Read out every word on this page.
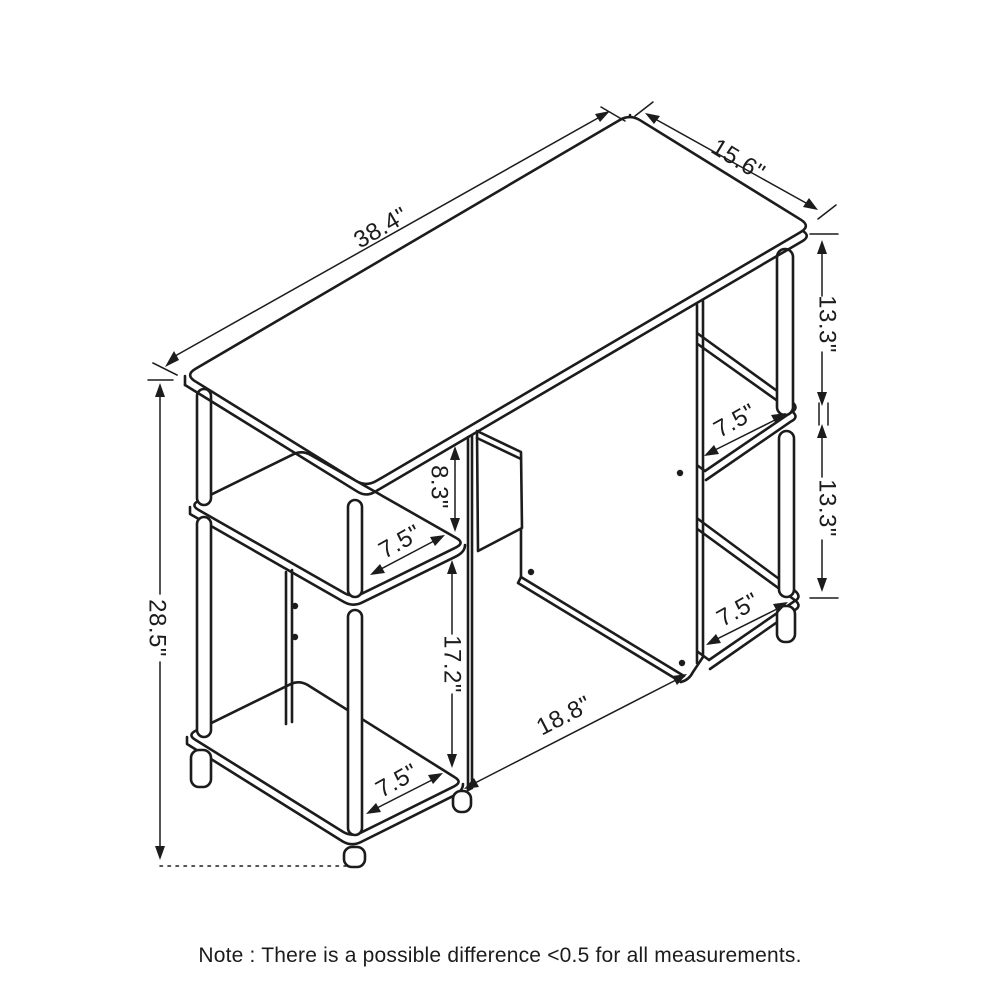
38.4"
15.6"
13.3"
13.3"
8.3"
17.2"
28.5"
18.8"
7.5"
7.5"
7.5"
7.5"
Note : There is a possible difference <0.5 for all measurements.
